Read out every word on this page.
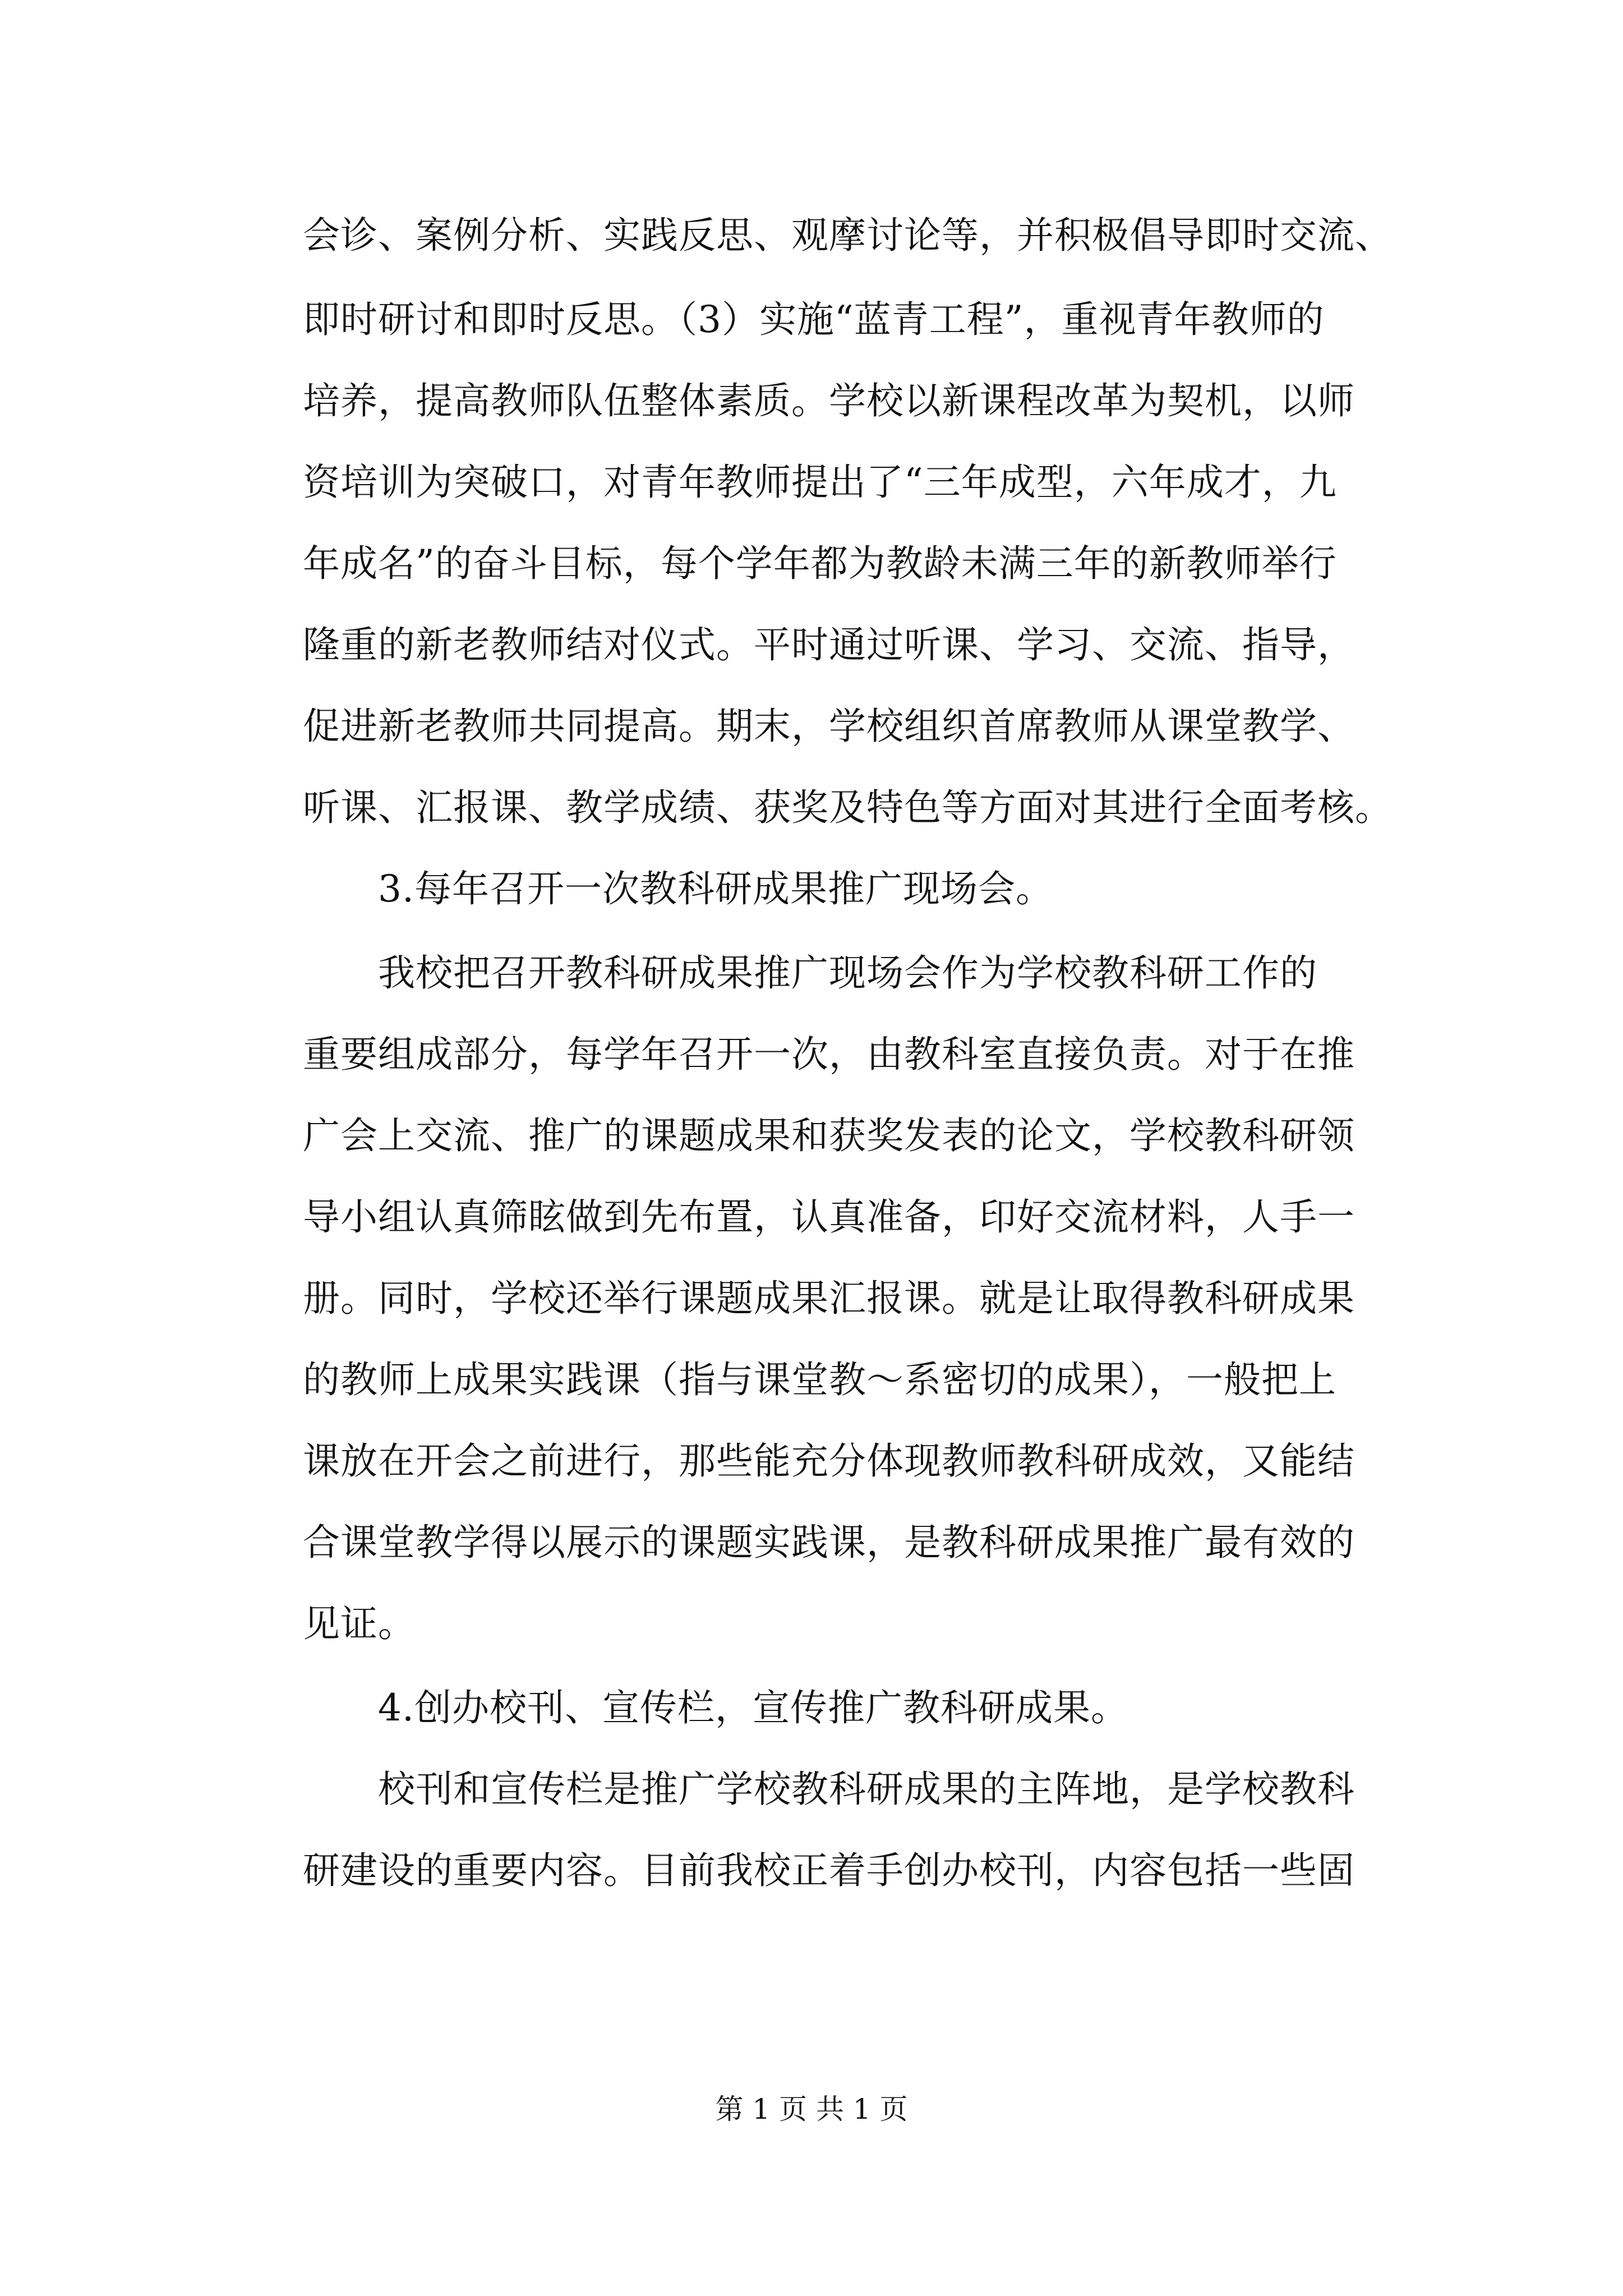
会诊、案例分析、实践反思、观摩讨论等，并积极倡导即时交流、
即时研讨和即时反思。（3）实施“蓝青工程”，重视青年教师的
培养，提高教师队伍整体素质。学校以新课程改革为契机，以师
资培训为突破口，对青年教师提出了“三年成型，六年成才，九
年成名”的奋斗目标，每个学年都为教龄未满三年的新教师举行
隆重的新老教师结对仪式。平时通过听课、学习、交流、指导，
促进新老教师共同提高。期末，学校组织首席教师从课堂教学、
听课、汇报课、教学成绩、获奖及特色等方面对其进行全面考核。
　　3.每年召开一次教科研成果推广现场会。
　　我校把召开教科研成果推广现场会作为学校教科研工作的
重要组成部分，每学年召开一次，由教科室直接负责。对于在推
广会上交流、推广的课题成果和获奖发表的论文，学校教科研领
导小组认真筛眩做到先布置，认真准备，印好交流材料，人手一
册。同时，学校还举行课题成果汇报课。就是让取得教科研成果
的教师上成果实践课（指与课堂教～系密切的成果），一般把上
课放在开会之前进行，那些能充分体现教师教科研成效，又能结
合课堂教学得以展示的课题实践课，是教科研成果推广最有效的
见证。
　　4.创办校刊、宣传栏，宣传推广教科研成果。
　　校刊和宣传栏是推广学校教科研成果的主阵地，是学校教科
研建设的重要内容。目前我校正着手创办校刊，内容包括一些固
第 1 页 共 1 页
